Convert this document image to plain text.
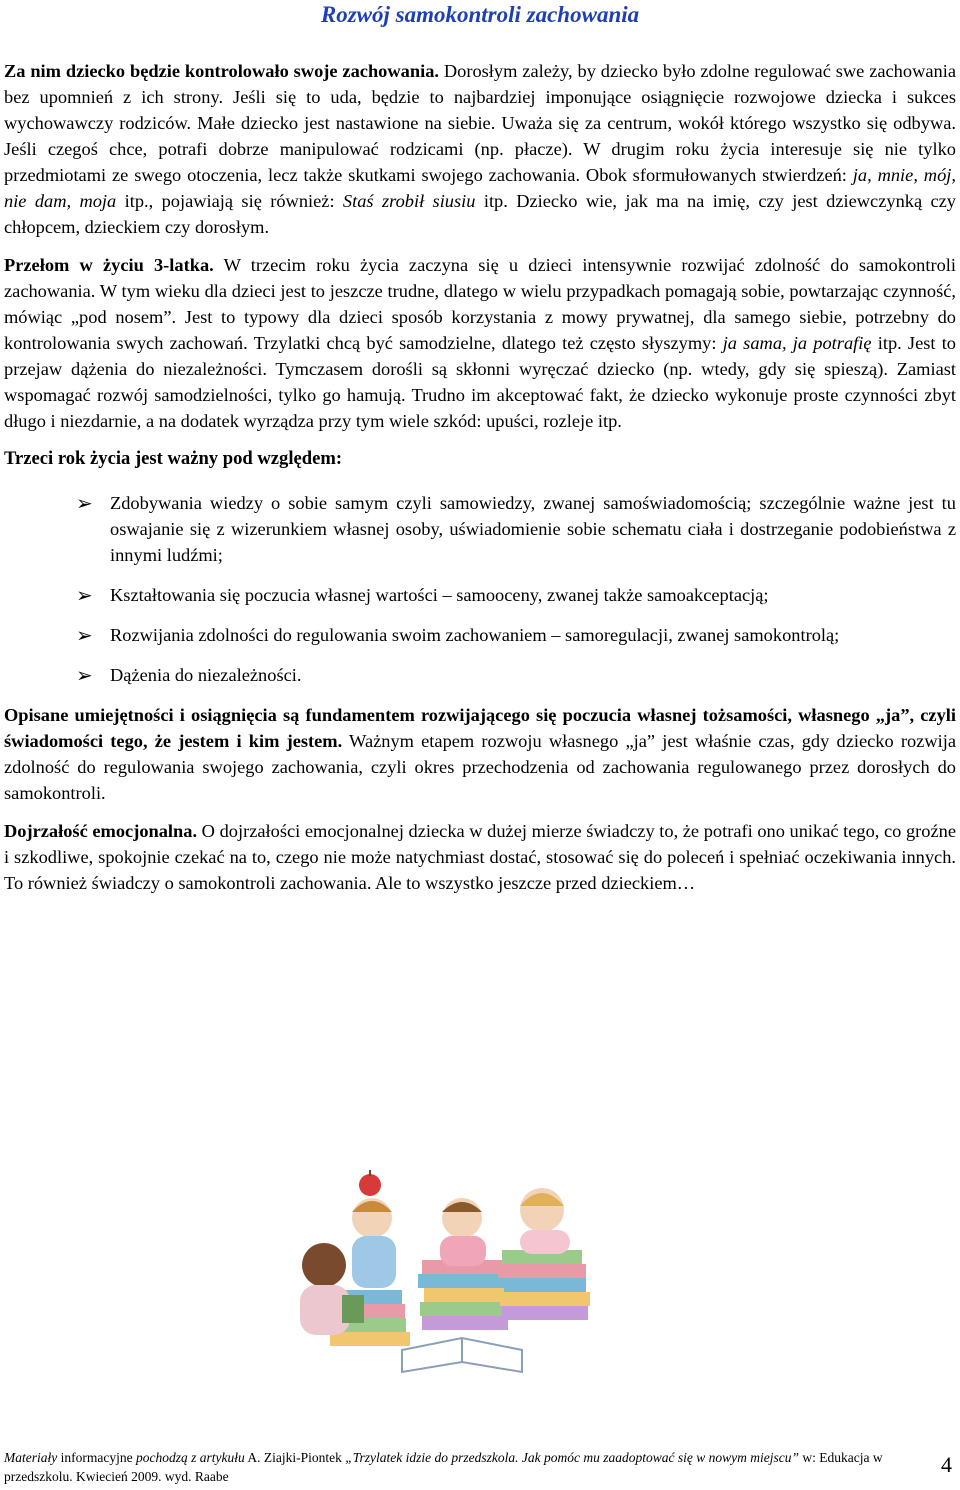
Rozwój samokontroli zachowania

Za nim dziecko będzie kontrolowało swoje zachowania. Dorosłym zależy, by dziecko było zdolne regulować swe zachowania bez upomnień z ich strony. Jeśli się to uda, będzie to najbardziej imponujące osiągnięcie rozwojowe dziecka i sukces wychowawczy rodziców. Małe dziecko jest nastawione na siebie. Uważa się za centrum, wokół którego wszystko się odbywa. Jeśli czegoś chce, potrafi dobrze manipulować rodzicami (np. płacze). W drugim roku życia interesuje się nie tylko przedmiotami ze swego otoczenia, lecz także skutkami swojego zachowania. Obok sformułowanych stwierdzeń: ja, mnie, mój, nie dam, moja itp., pojawiają się również: Staś zrobił siusiu itp. Dziecko wie, jak ma na imię, czy jest dziewczynką czy chłopcem, dzieckiem czy dorosłym.

Przełom w życiu 3-latka. W trzecim roku życia zaczyna się u dzieci intensywnie rozwijać zdolność do samokontroli zachowania. W tym wieku dla dzieci jest to jeszcze trudne, dlatego w wielu przypadkach pomagają sobie, powtarzając czynność, mówiąc „pod nosem”. Jest to typowy dla dzieci sposób korzystania z mowy prywatnej, dla samego siebie, potrzebny do kontrolowania swych zachowań. Trzylatki chcą być samodzielne, dlatego też często słyszymy: ja sama, ja potrafię itp. Jest to przejaw dążenia do niezależności. Tymczasem dorośli są skłonni wyręczać dziecko (np. wtedy, gdy się spieszą). Zamiast wspomagać rozwój samodzielności, tylko go hamują. Trudno im akceptować fakt, że dziecko wykonuje proste czynności zbyt długo i niezdarnie, a na dodatek wyrządza przy tym wiele szkód: upuści, rozleje itp.

Trzeci rok życia jest ważny pod względem:

➢ Zdobywania wiedzy o sobie samym czyli samowiedzy, zwanej samoświadomością; szczególnie ważne jest tu oswajanie się z wizerunkiem własnej osoby, uświadomienie sobie schematu ciała i dostrzeganie podobieństwa z innymi ludźmi;
➢ Kształtowania się poczucia własnej wartości – samooceny, zwanej także samoakceptacją;
➢ Rozwijania zdolności do regulowania swoim zachowaniem – samoregulacji, zwanej samokontrolą;
➢ Dążenia do niezależności.

Opisane umiejętności i osiągnięcia są fundamentem rozwijającego się poczucia własnej tożsamości, własnego „ja”, czyli świadomości tego, że jestem i kim jestem. Ważnym etapem rozwoju własnego „ja” jest właśnie czas, gdy dziecko rozwija zdolność do regulowania swojego zachowania, czyli okres przechodzenia od zachowania regulowanego przez dorosłych do samokontroli.

Dojrzałość emocjonalna. O dojrzałości emocjonalnej dziecka w dużej mierze świadczy to, że potrafi ono unikać tego, co groźne i szkodliwe, spokojnie czekać na to, czego nie może natychmiast dostać, stosować się do poleceń i spełniać oczekiwania innych. To również świadczy o samokontroli zachowania. Ale to wszystko jeszcze przed dzieckiem…

Materiały informacyjne pochodzą z artykułu A. Ziajki-Piontek „Trzylatek idzie do przedszkola. Jak pomóc mu zaadoptować się w nowym miejscu” w: Edukacja w przedszkolu. Kwiecień 2009. wyd. Raabe	4
